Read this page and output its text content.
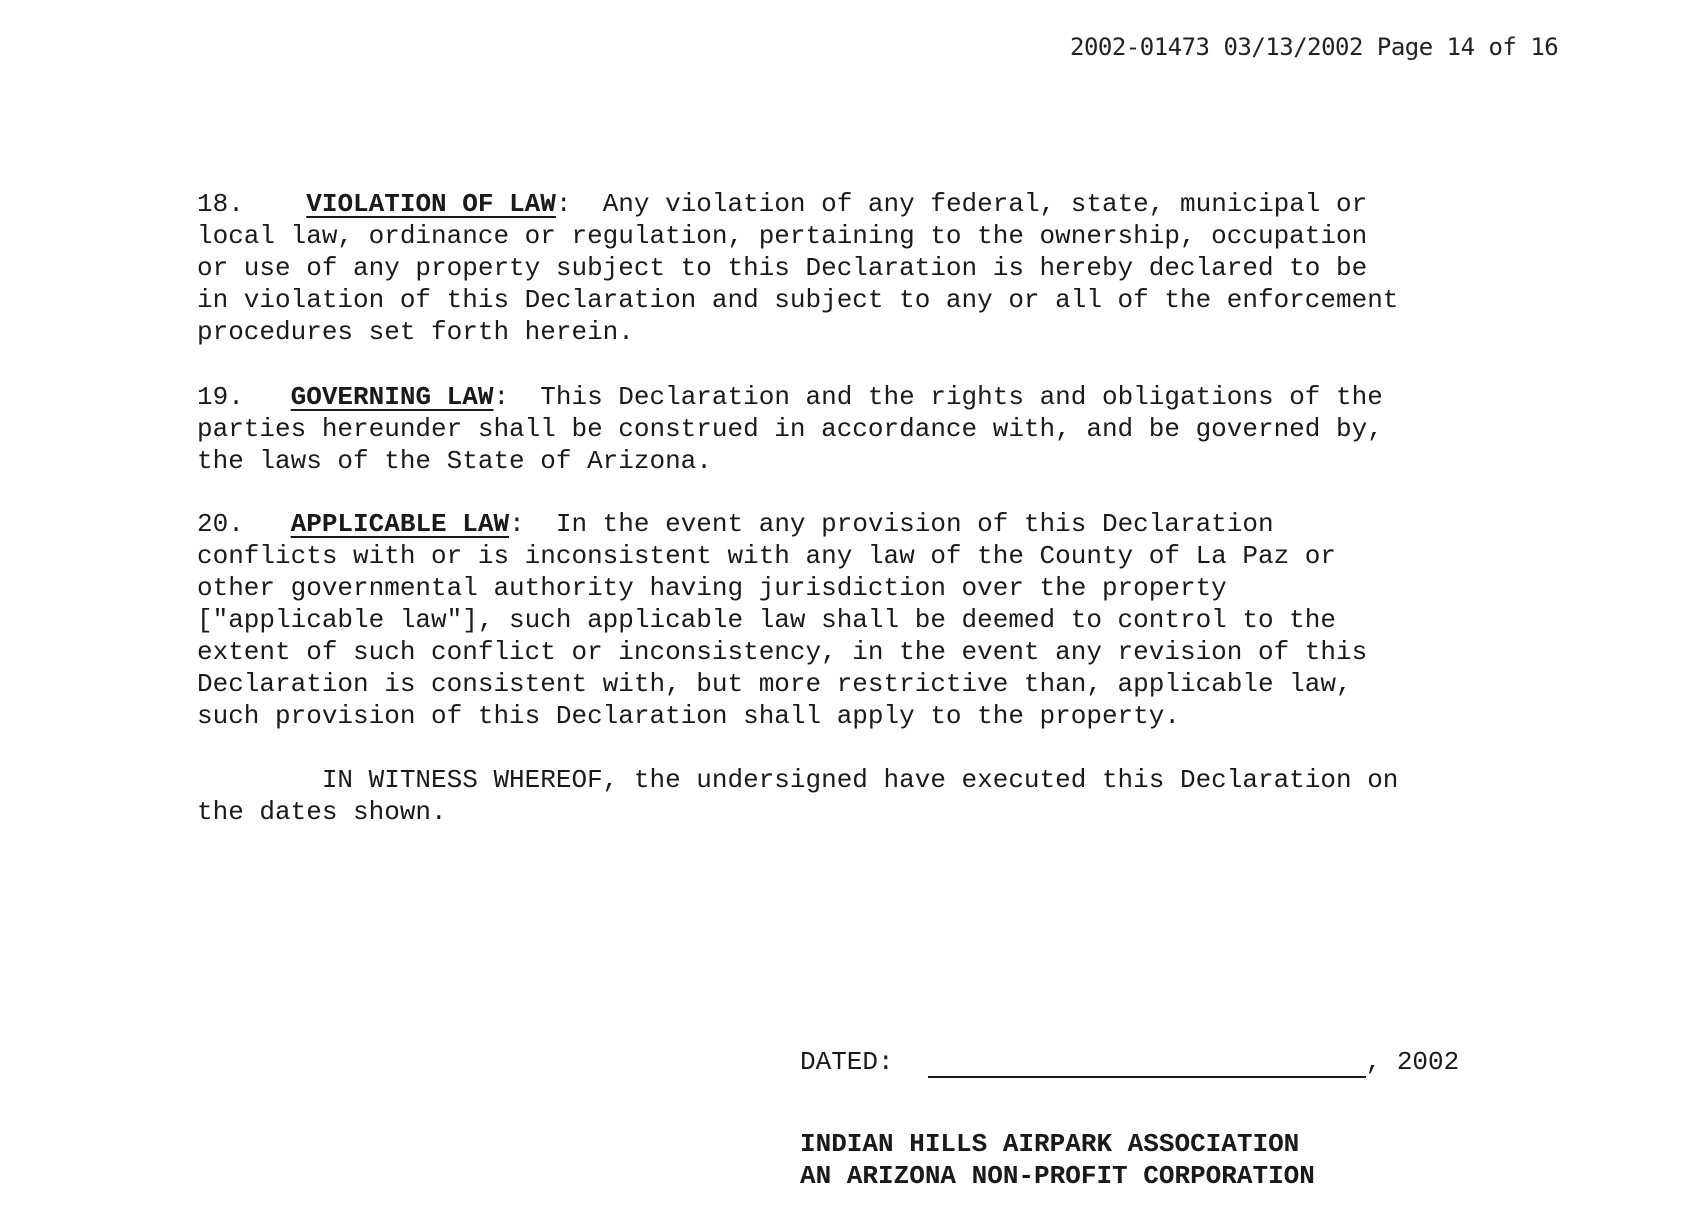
2002-01473 03/13/2002 Page 14 of 16
18. VIOLATION OF LAW:  Any violation of any federal, state, municipal or
local law, ordinance or regulation, pertaining to the ownership, occupation
or use of any property subject to this Declaration is hereby declared to be
in violation of this Declaration and subject to any or all of the enforcement
procedures set forth herein.
19. GOVERNING LAW:  This Declaration and the rights and obligations of the
parties hereunder shall be construed in accordance with, and be governed by,
the laws of the State of Arizona.
20. APPLICABLE LAW:  In the event any provision of this Declaration
conflicts with or is inconsistent with any law of the County of La Paz or
other governmental authority having jurisdiction over the property
["applicable law"], such applicable law shall be deemed to control to the
extent of such conflict or inconsistency, in the event any revision of this
Declaration is consistent with, but more restrictive than, applicable law,
such provision of this Declaration shall apply to the property.
IN WITNESS WHEREOF, the undersigned have executed this Declaration on
the dates shown.
DATED:	, 2002
INDIAN HILLS AIRPARK ASSOCIATION
AN ARIZONA NON-PROFIT CORPORATION
